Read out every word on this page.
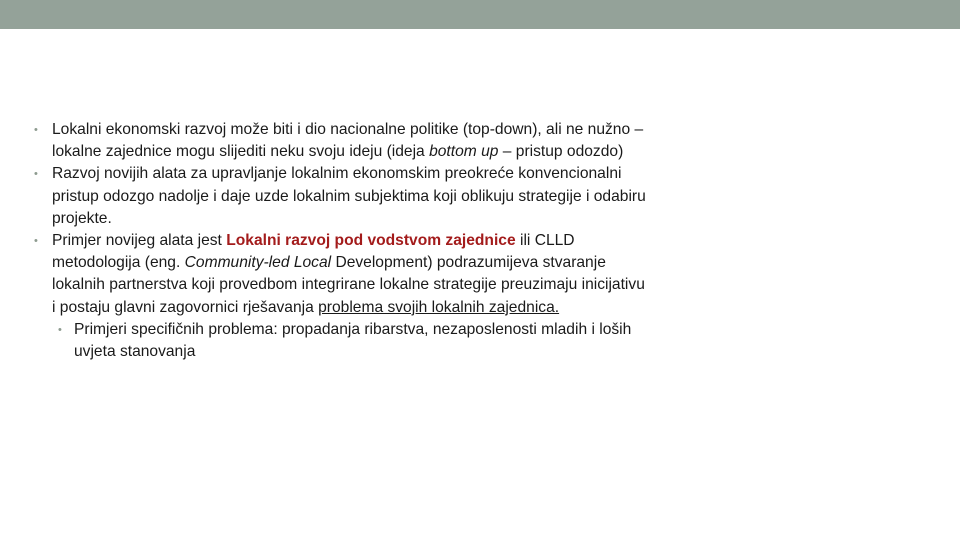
• Lokalni ekonomski razvoj može biti i dio nacionalne politike (top-down), ali ne nužno – lokalne zajednice mogu slijediti neku svoju ideju (ideja bottom up – pristup odozdo)
• Razvoj novijih alata za upravljanje lokalnim ekonomskim preokreće konvencionalni pristup odozgo nadolje i daje uzde lokalnim subjektima koji oblikuju strategije i odabiru projekte.
• Primjer novijeg alata jest Lokalni razvoj pod vodstvom zajednice ili CLLD metodologija (eng. Community-led Local Development) podrazumijeva stvaranje lokalnih partnerstva koji provedbom integrirane lokalne strategije preuzimaju inicijativu i postaju glavni zagovornici rješavanja problema svojih lokalnih zajednica.
• Primjeri specifičnih problema: propadanja ribarstva, nezaposlenosti mladih i loših uvjeta stanovanja
